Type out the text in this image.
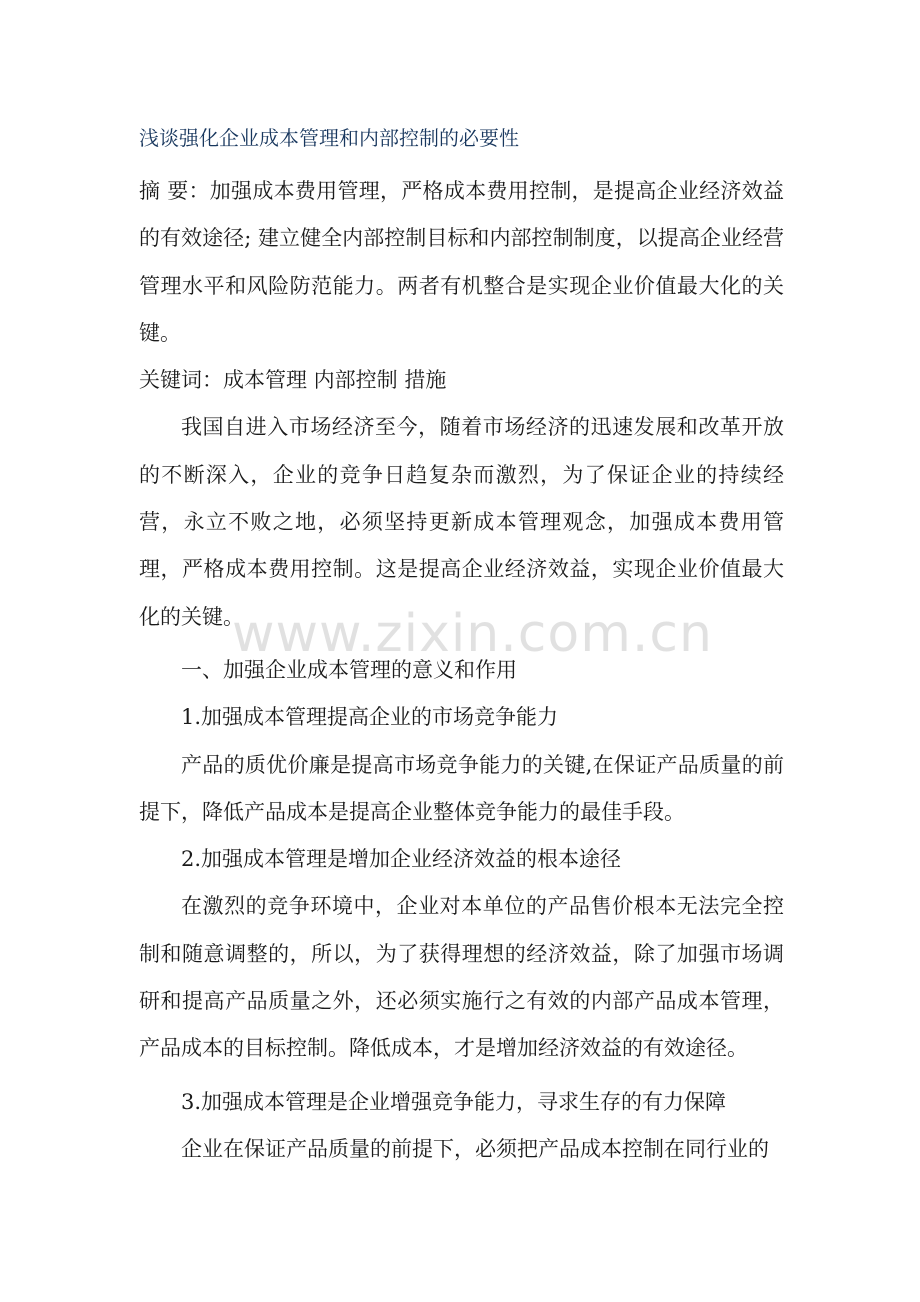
浅谈强化企业成本管理和内部控制的必要性

摘 要：加强成本费用管理，严格成本费用控制，是提高企业经济效益的有效途径; 建立健全内部控制目标和内部控制制度，以提高企业经营管理水平和风险防范能力。两者有机整合是实现企业价值最大化的关键。

关键词：成本管理 内部控制 措施

我国自进入市场经济至今，随着市场经济的迅速发展和改革开放的不断深入，企业的竞争日趋复杂而激烈，为了保证企业的持续经营，永立不败之地，必须坚持更新成本管理观念，加强成本费用管理，严格成本费用控制。这是提高企业经济效益，实现企业价值最大化的关键。

一、加强企业成本管理的意义和作用

1.加强成本管理提高企业的市场竞争能力

产品的质优价廉是提高市场竞争能力的关键,在保证产品质量的前提下，降低产品成本是提高企业整体竞争能力的最佳手段。

2.加强成本管理是增加企业经济效益的根本途径

在激烈的竞争环境中，企业对本单位的产品售价根本无法完全控制和随意调整的，所以，为了获得理想的经济效益，除了加强市场调研和提高产品质量之外，还必须实施行之有效的内部产品成本管理，产品成本的目标控制。降低成本，才是增加经济效益的有效途径。

3.加强成本管理是企业增强竞争能力，寻求生存的有力保障

企业在保证产品质量的前提下，必须把产品成本控制在同行业的

www.zixin.com.cn
